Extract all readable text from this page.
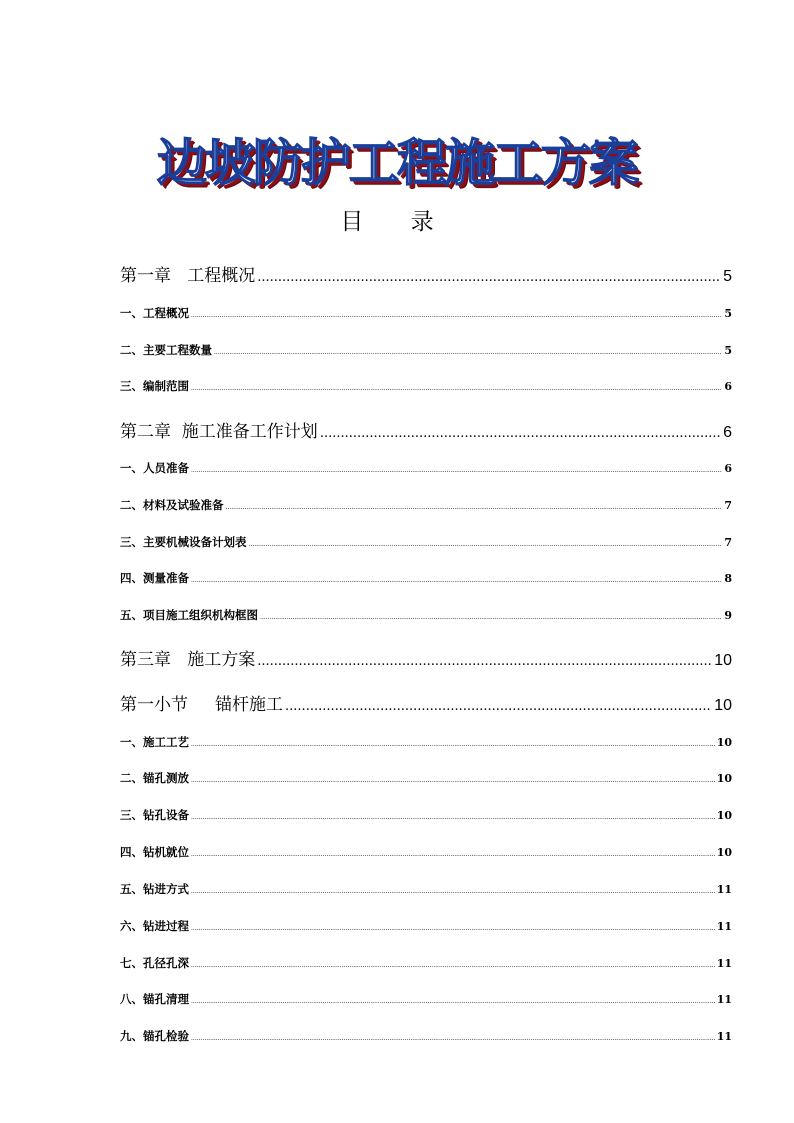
边坡防护工程施工方案
目 录
第一章   工程概况 .....	5
一、工程概况 .....	5
二、主要工程数量 .....	5
三、编制范围 .....	6
第二章  施工准备工作计划 .....	6
一、人员准备 .....	6
二、材料及试验准备 .....	7
三、主要机械设备计划表 .....	7
四、测量准备 .....	8
五、项目施工组织机构框图 .....	9
第三章   施工方案 .....	10
第一小节     锚杆施工 .....	10
一、施工工艺 .....	10
二、锚孔测放 .....	10
三、钻孔设备 .....	10
四、钻机就位 .....	10
五、钻进方式 .....	11
六、钻进过程 .....	11
七、孔径孔深 .....	11
八、锚孔清理 .....	11
九、锚孔检验 .....	11
